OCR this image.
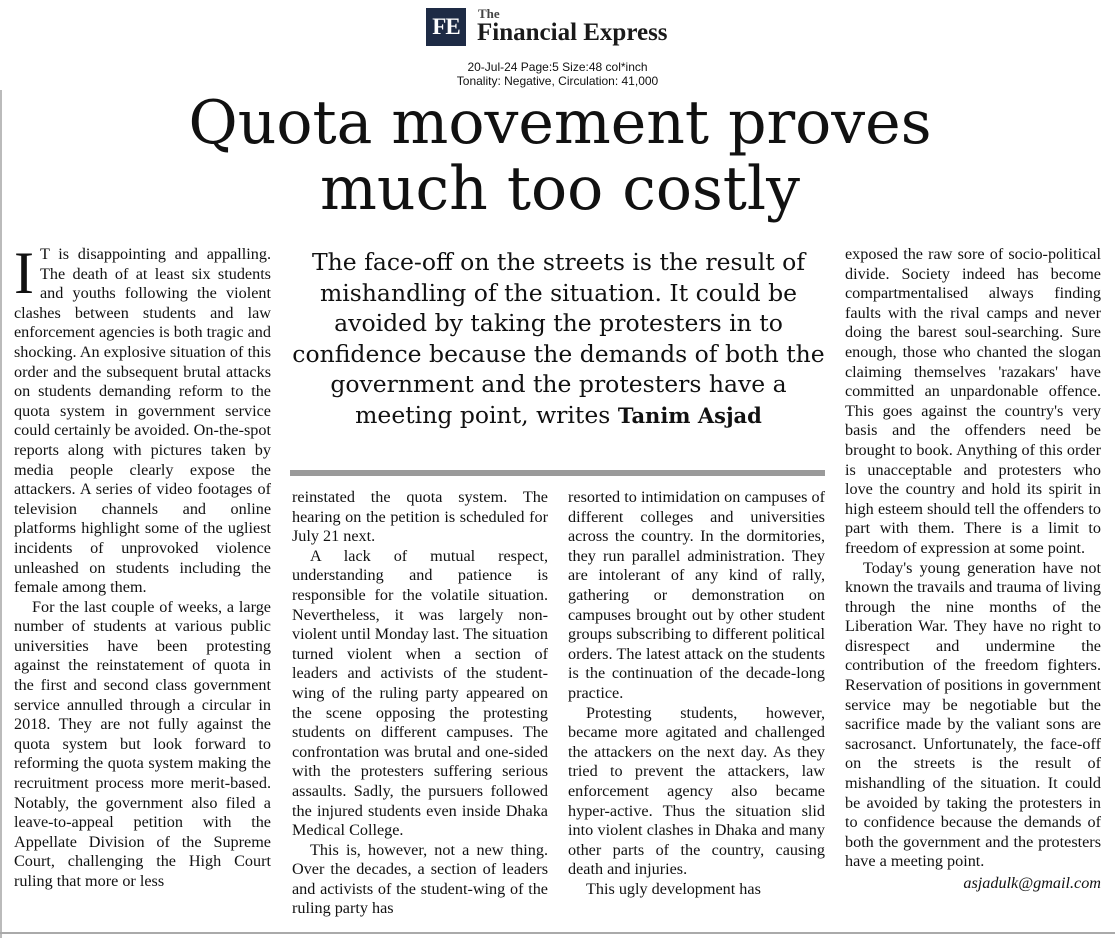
FE
The
Financial Express
20-Jul-24 Page:5 Size:48 col*inch
Tonality: Negative, Circulation: 41,000
Quota movement proves
much too costly

I T is disappointing and appalling. The death of at least six students and youths following the violent clashes between students and law enforcement agencies is both tragic and shocking. An explosive situation of this order and the subsequent brutal attacks on students demanding reform to the quota system in government service could certainly be avoided. On-the-spot reports along with pictures taken by media people clearly expose the attackers. A series of video footages of television channels and online platforms highlight some of the ugliest incidents of unprovoked violence unleashed on students including the female among them.

For the last couple of weeks, a large number of students at various public universities have been protesting against the reinstatement of quota in the first and second class government service annulled through a circular in 2018. They are not fully against the quota system but look forward to reforming the quota system making the recruitment process more merit-based. Notably, the government also filed a leave-to-appeal petition with the Appellate Division of the Supreme Court, challenging the High Court ruling that more or less

The face-off on the streets is the result of mishandling of the situation. It could be avoided by taking the protesters in to confidence because the demands of both the government and the protesters have a meeting point, writes Tanim Asjad

reinstated the quota system. The hearing on the petition is scheduled for July 21 next.

A lack of mutual respect, understanding and patience is responsible for the volatile situation. Nevertheless, it was largely non-violent until Monday last. The situation turned violent when a section of leaders and activists of the student-wing of the ruling party appeared on the scene opposing the protesting students on different campuses. The confrontation was brutal and one-sided with the protesters suffering serious assaults. Sadly, the pursuers followed the injured students even inside Dhaka Medical College.

This is, however, not a new thing. Over the decades, a section of leaders and activists of the student-wing of the ruling party has

resorted to intimidation on campuses of different colleges and universities across the country. In the dormitories, they run parallel administration. They are intolerant of any kind of rally, gathering or demonstration on campuses brought out by other student groups subscribing to different political orders. The latest attack on the students is the continuation of the decade-long practice.

Protesting students, however, became more agitated and challenged the attackers on the next day. As they tried to prevent the attackers, law enforcement agency also became hyper-active. Thus the situation slid into violent clashes in Dhaka and many other parts of the country, causing death and injuries.

This ugly development has

exposed the raw sore of socio-political divide. Society indeed has become compartmentalised always finding faults with the rival camps and never doing the barest soul-searching. Sure enough, those who chanted the slogan claiming themselves 'razakars' have committed an unpardonable offence. This goes against the country's very basis and the offenders need be brought to book. Anything of this order is unacceptable and protesters who love the country and hold its spirit in high esteem should tell the offenders to part with them. There is a limit to freedom of expression at some point.

Today's young generation have not known the travails and trauma of living through the nine months of the Liberation War. They have no right to disrespect and undermine the contribution of the freedom fighters. Reservation of positions in government service may be negotiable but the sacrifice made by the valiant sons are sacrosanct. Unfortunately, the face-off on the streets is the result of mishandling of the situation. It could be avoided by taking the protesters in to confidence because the demands of both the government and the protesters have a meeting point.

asjadulk@gmail.com
